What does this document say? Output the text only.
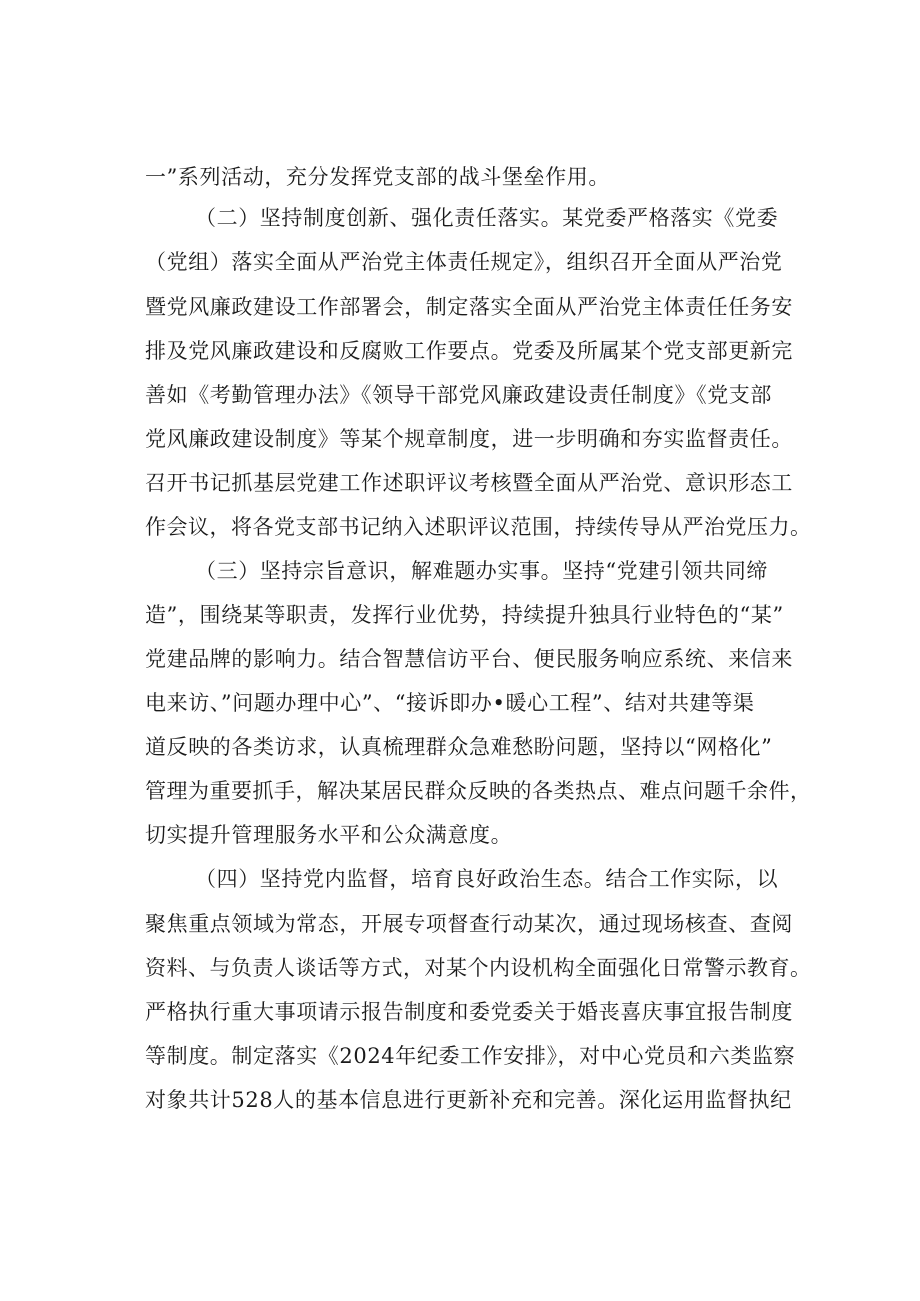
一”系列活动，充分发挥党支部的战斗堡垒作用。
（二）坚持制度创新、强化责任落实。某党委严格落实《党委
（党组）落实全面从严治党主体责任规定》，组织召开全面从严治党
暨党风廉政建设工作部署会，制定落实全面从严治党主体责任任务安
排及党风廉政建设和反腐败工作要点。党委及所属某个党支部更新完
善如《考勤管理办法》《领导干部党风廉政建设责任制度》《党支部
党风廉政建设制度》等某个规章制度，进一步明确和夯实监督责任。
召开书记抓基层党建工作述职评议考核暨全面从严治党、意识形态工
作会议，将各党支部书记纳入述职评议范围，持续传导从严治党压力。
（三）坚持宗旨意识，解难题办实事。坚持“党建引领共同缔
造”，围绕某等职责，发挥行业优势，持续提升独具行业特色的“某”
党建品牌的影响力。结合智慧信访平台、便民服务响应系统、来信来
电来访、”问题办理中心”、“接诉即办•暖心工程”、结对共建等渠
道反映的各类访求，认真梳理群众急难愁盼问题，坚持以“网格化”
管理为重要抓手，解决某居民群众反映的各类热点、难点问题千余件，
切实提升管理服务水平和公众满意度。
（四）坚持党内监督，培育良好政治生态。结合工作实际，以
聚焦重点领域为常态，开展专项督查行动某次，通过现场核查、查阅
资料、与负责人谈话等方式，对某个内设机构全面强化日常警示教育。
严格执行重大事项请示报告制度和委党委关于婚丧喜庆事宜报告制度
等制度。制定落实《2024年纪委工作安排》，对中心党员和六类监察
对象共计528人的基本信息进行更新补充和完善。深化运用监督执纪
